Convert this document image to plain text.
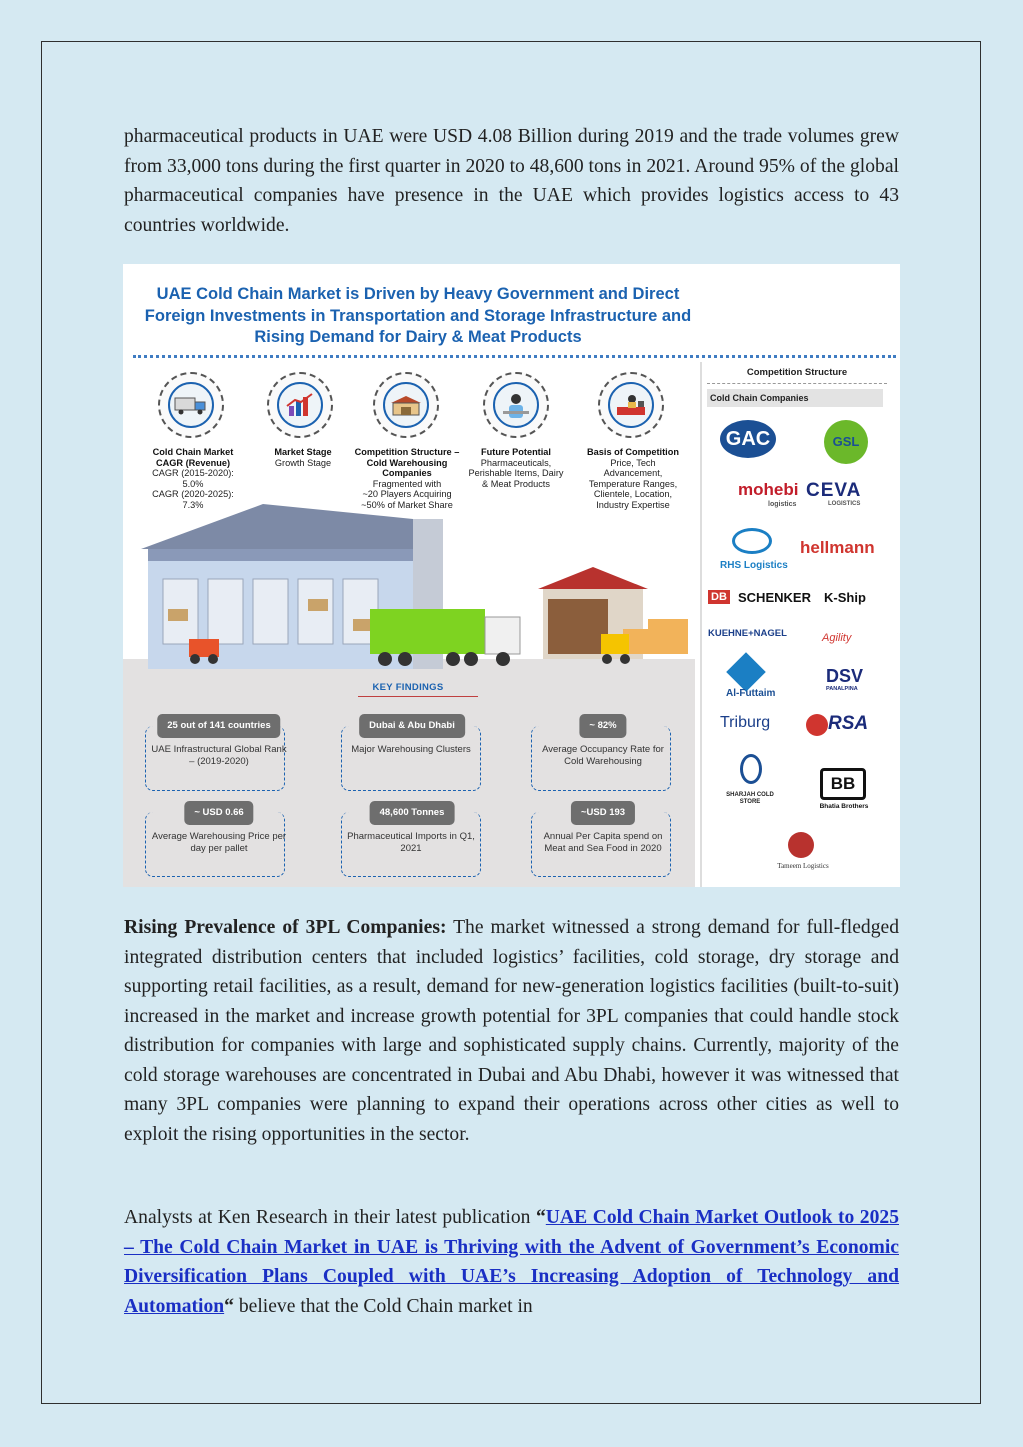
pharmaceutical products in UAE were USD 4.08 Billion during 2019 and the trade volumes grew from 33,000 tons during the first quarter in 2020 to 48,600 tons in 2021. Around 95% of the global pharmaceutical companies have presence in the UAE which provides logistics access to 43 countries worldwide.

UAE Cold Chain Market is Driven by Heavy Government and Direct Foreign Investments in Transportation and Storage Infrastructure and Rising Demand for Dairy & Meat Products
Cold Chain Market CAGR (Revenue)
CAGR (2015-2020):
5.0%
CAGR (2020-2025):
7.3%
Market Stage
Growth Stage
Competition Structure – Cold Warehousing Companies
Fragmented with
~20 Players Acquiring
~50% of Market Share
Future Potential
Pharmaceuticals,
Perishable Items, Dairy
& Meat Products
Basis of Competition
Price, Tech
Advancement,
Temperature Ranges,
Clientele, Location,
Industry Expertise
KEY FINDINGS
25 out of 141 countries
UAE Infrastructural Global Rank – (2019-2020)
Dubai & Abu Dhabi
Major Warehousing Clusters
~ 82%
Average Occupancy Rate for Cold Warehousing
~ USD 0.66
Average Warehousing Price per day per pallet
48,600 Tonnes
Pharmaceutical Imports in Q1, 2021
~USD 193
Annual Per Capita spend on Meat and Sea Food in 2020
Competition Structure
Cold Chain Companies
GAC	GSL
mohebi
logistics
CEVA
LOGISTICS
RHS Logistics
hellmann
DB SCHENKER K-Ship
KUEHNE+NAGEL	Agility
Al-Futtaim
DSV
PANALPINA
Triburg	RSA
SHARJAH COLD STORE
BB
Bhatia Brothers
Tameem Logistics

Rising Prevalence of 3PL Companies: The market witnessed a strong demand for full-fledged integrated distribution centers that included logistics’ facilities, cold storage, dry storage and supporting retail facilities, as a result, demand for new-generation logistics facilities (built-to-suit) increased in the market and increase growth potential for 3PL companies that could handle stock distribution for companies with large and sophisticated supply chains. Currently, majority of the cold storage warehouses are concentrated in Dubai and Abu Dhabi, however it was witnessed that many 3PL companies were planning to expand their operations across other cities as well to exploit the rising opportunities in the sector.

Analysts at Ken Research in their latest publication “UAE Cold Chain Market Outlook to 2025 – The Cold Chain Market in UAE is Thriving with the Advent of Government’s Economic Diversification Plans Coupled with UAE’s Increasing Adoption of Technology and Automation“ believe that the Cold Chain market in
